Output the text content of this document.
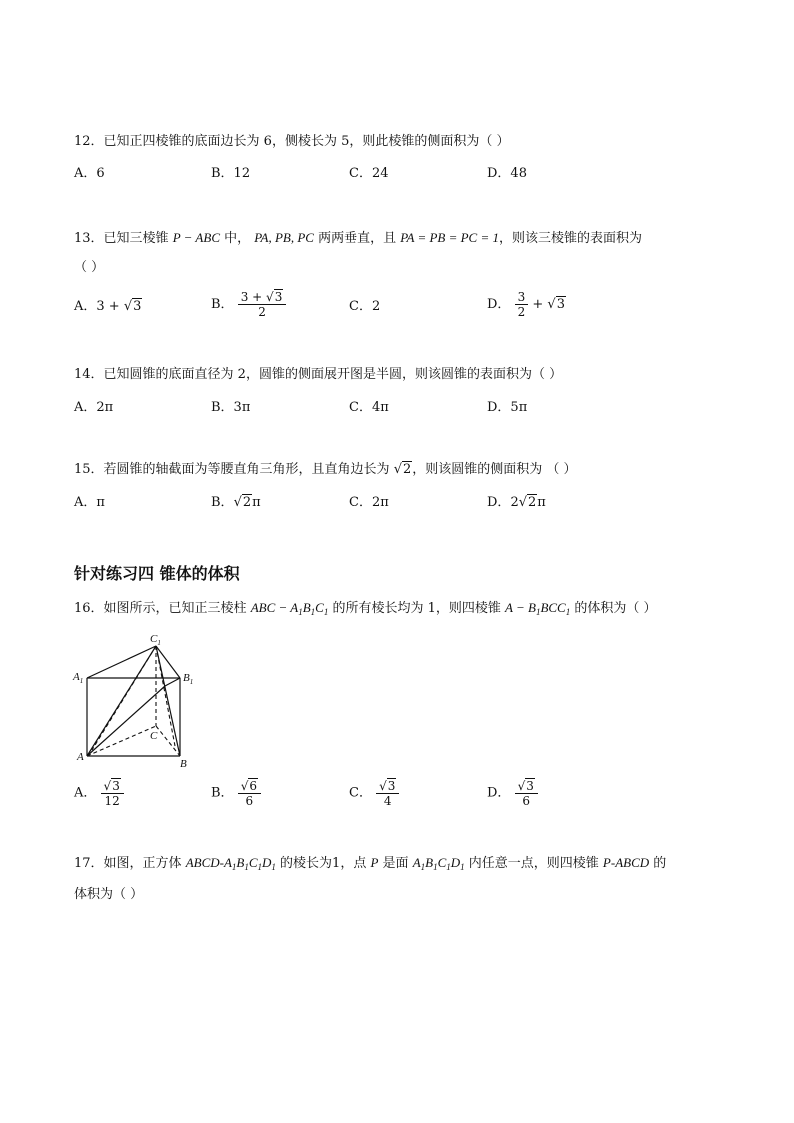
12．已知正四棱锥的底面边长为 6，侧棱长为 5，则此棱锥的侧面积为（ ）
A．6	B．12	C．24	D．48
13．已知三棱锥 P − ABC 中， PA, PB, PC 两两垂直，且 PA = PB = PC = 1，则该三棱锥的表面积为
（ ）
A．3 + √3	B． $\frac{3 + √3}{2}$	C．2	D． $\frac{3}{2} + √3$
14．已知圆锥的底面直径为 2，圆锥的侧面展开图是半圆，则该圆锥的表面积为（ ）
A．2π	B．3π	C．4π	D．5π
15．若圆锥的轴截面为等腰直角三角形，且直角边长为 √2，则该圆锥的侧面积为 （ ）
A．π	B．√2π	C．2π	D．2√2π
针对练习四 锥体的体积
16．如图所示，已知正三棱柱 ABC − $A_1B_1C_1$ 的所有棱长均为 1，则四棱锥 $A - B_1BCC_1$ 的体积为（ ）
$C_1$
$A_1$	$B_1$
C
A
B
A． $\frac{√3}{12}$	B． $\frac{√6}{6}$	C． $\frac{√3}{4}$	D． $\frac{√3}{6}$
17．如图，正方体 ABCD-$A_1B_1C_1D_1$ 的棱长为1，点 P 是面 $A_1B_1C_1D_1$ 内任意一点，则四棱锥 P-ABCD 的
体积为（ ）
